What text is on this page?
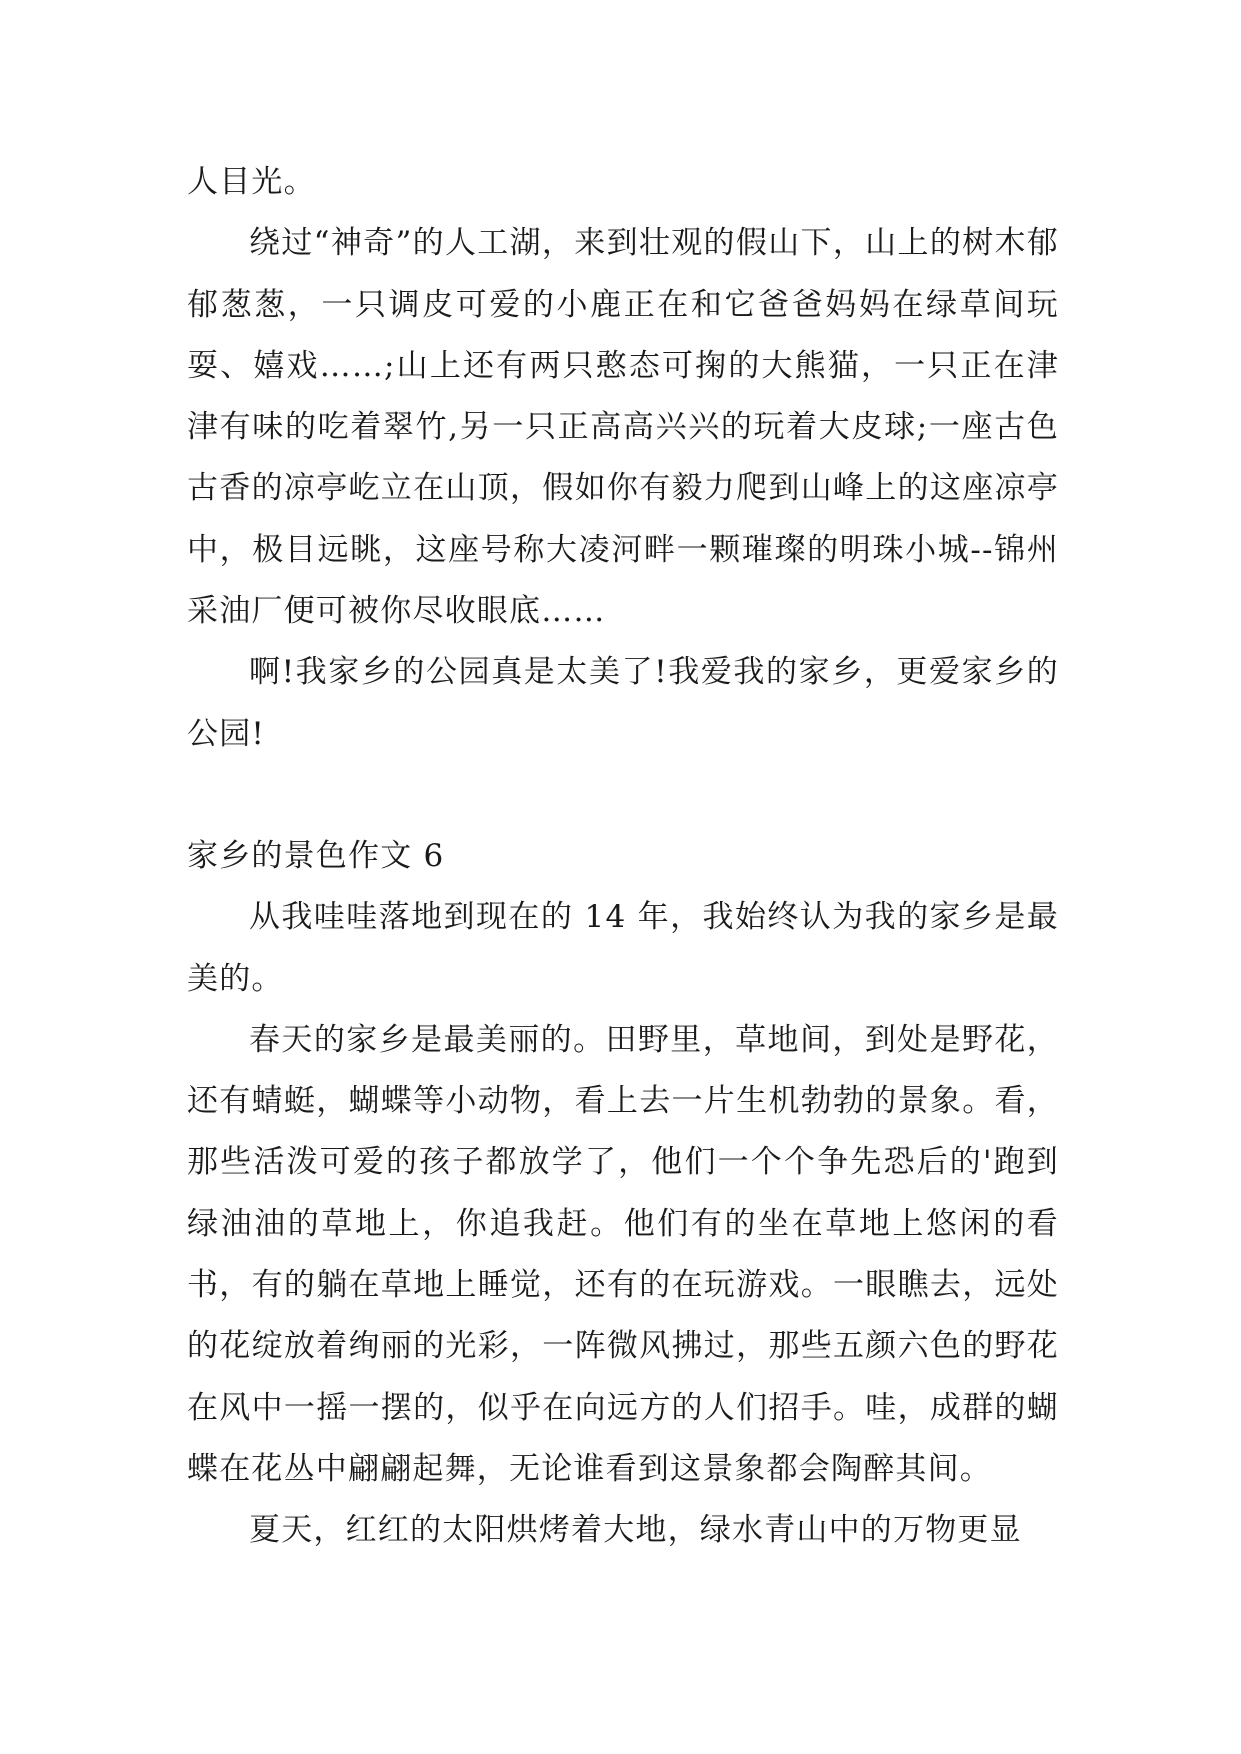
人目光。

绕过“神奇”的人工湖，来到壮观的假山下，山上的树木郁郁葱葱，一只调皮可爱的小鹿正在和它爸爸妈妈在绿草间玩耍、嬉戏……;山上还有两只憨态可掬的大熊猫，一只正在津津有味的吃着翠竹,另一只正高高兴兴的玩着大皮球;一座古色古香的凉亭屹立在山顶，假如你有毅力爬到山峰上的这座凉亭中，极目远眺，这座号称大凌河畔一颗璀璨的明珠小城--锦州采油厂便可被你尽收眼底……

啊!我家乡的公园真是太美了!我爱我的家乡，更爱家乡的公园!

家乡的景色作文 6

从我哇哇落地到现在的 14 年，我始终认为我的家乡是最美的。

春天的家乡是最美丽的。田野里，草地间，到处是野花，还有蜻蜓，蝴蝶等小动物，看上去一片生机勃勃的景象。看，那些活泼可爱的孩子都放学了，他们一个个争先恐后的'跑到绿油油的草地上，你追我赶。他们有的坐在草地上悠闲的看书，有的躺在草地上睡觉，还有的在玩游戏。一眼瞧去，远处的花绽放着绚丽的光彩，一阵微风拂过，那些五颜六色的野花在风中一摇一摆的，似乎在向远方的人们招手。哇，成群的蝴蝶在花丛中翩翩起舞，无论谁看到这景象都会陶醉其间。

夏天，红红的太阳烘烤着大地，绿水青山中的万物更显
